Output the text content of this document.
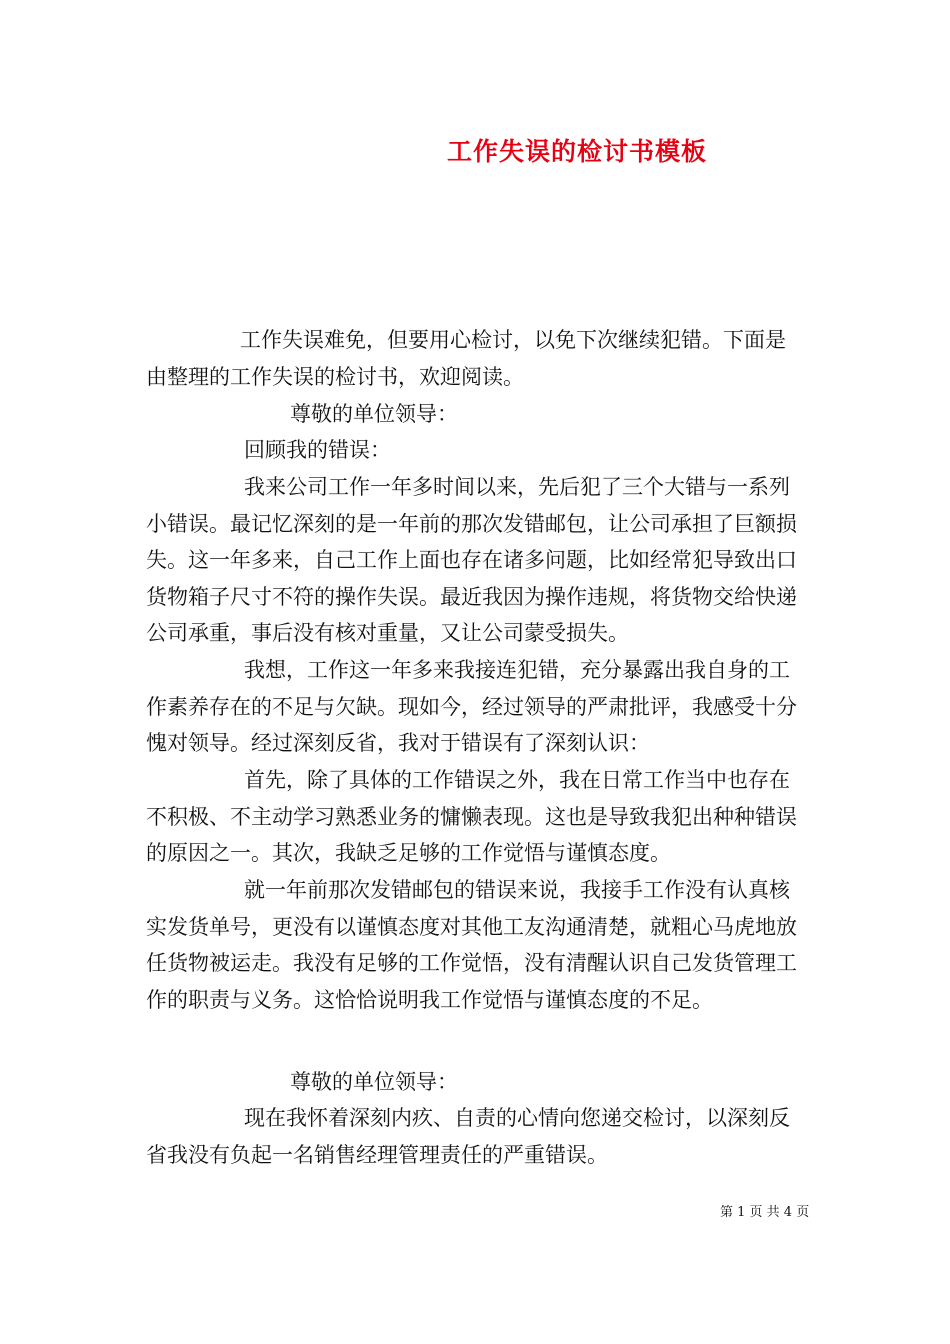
工作失误的检讨书模板

工作失误难免，但要用心检讨，以免下次继续犯错。下面是由整理的工作失误的检讨书，欢迎阅读。

尊敬的单位领导：

回顾我的错误：

我来公司工作一年多时间以来，先后犯了三个大错与一系列小错误。最记忆深刻的是一年前的那次发错邮包，让公司承担了巨额损失。这一年多来，自己工作上面也存在诸多问题，比如经常犯导致出口货物箱子尺寸不符的操作失误。最近我因为操作违规，将货物交给快递公司承重，事后没有核对重量，又让公司蒙受损失。

我想，工作这一年多来我接连犯错，充分暴露出我自身的工作素养存在的不足与欠缺。现如今，经过领导的严肃批评，我感受十分愧对领导。经过深刻反省，我对于错误有了深刻认识：

首先，除了具体的工作错误之外，我在日常工作当中也存在不积极、不主动学习熟悉业务的慵懒表现。这也是导致我犯出种种错误的原因之一。其次，我缺乏足够的工作觉悟与谨慎态度。

就一年前那次发错邮包的错误来说，我接手工作没有认真核实发货单号，更没有以谨慎态度对其他工友沟通清楚，就粗心马虎地放任货物被运走。我没有足够的工作觉悟，没有清醒认识自己发货管理工作的职责与义务。这恰恰说明我工作觉悟与谨慎态度的不足。

尊敬的单位领导：

现在我怀着深刻内疚、自责的心情向您递交检讨，以深刻反省我没有负起一名销售经理管理责任的严重错误。

第 1 页 共 4 页
